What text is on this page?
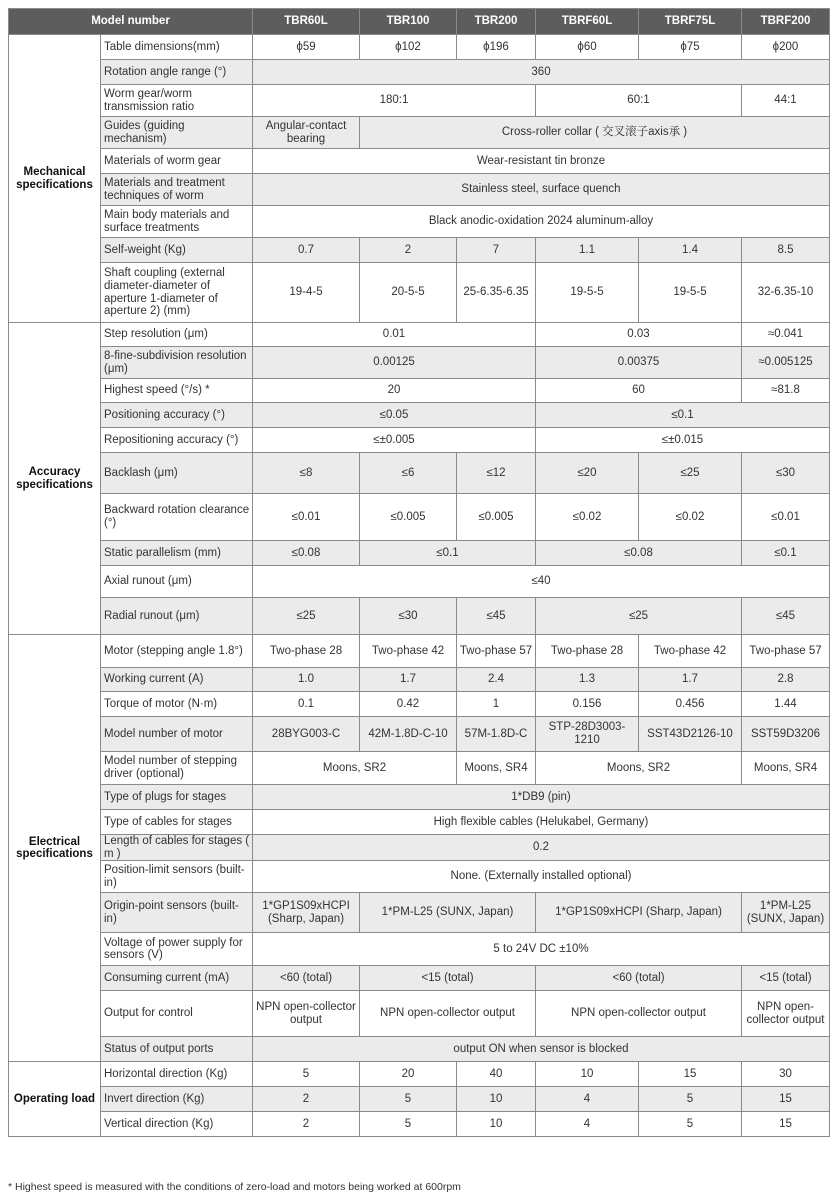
Model number		TBR60L	TBR100	TBR200	TBRF60L	TBRF75L	TBRF200
Mechanical specifications	Table dimensions(mm)	ϕ59	ϕ102	ϕ196	ϕ60	ϕ75	ϕ200
	Rotation angle range (°)	360					
	Worm gear/worm transmission ratio	180:1			60:1		44:1
	Guides (guiding mechanism)	Angular-contact bearing	Cross-roller collar ( 交叉滚子axis承 )				
	Materials of worm gear	Wear-resistant tin bronze					
	Materials and treatment techniques of worm	Stainless steel, surface quench					
	Main body materials and surface treatments	Black anodic-oxidation 2024 aluminum-alloy					
	Self-weight (Kg)	0.7	2	7	1.1	1.4	8.5
	Shaft coupling (external diameter-diameter of aperture 1-diameter of aperture 2) (mm)	19-4-5	20-5-5	25-6.35-6.35	19-5-5	19-5-5	32-6.35-10
Accuracy specifications	Step resolution (μm)	0.01			0.03		≈0.041
	8-fine-subdivision resolution (μm)	0.00125			0.00375		≈0.005125
	Highest speed (°/s) *	20			60		≈81.8
	Positioning accuracy (°)	≤0.05			≤0.1		
	Repositioning accuracy (°)	≤±0.005			≤±0.015		
	Backlash (μm)	≤8	≤6	≤12	≤20	≤25	≤30
	Backward rotation clearance (°)	≤0.01	≤0.005	≤0.005	≤0.02	≤0.02	≤0.01
	Static parallelism (mm)	≤0.08	≤0.1		≤0.08		≤0.1
	Axial runout (μm)	≤40					
	Radial runout (μm)	≤25	≤30	≤45	≤25		≤45
Electrical specifications	Motor (stepping angle 1.8°)	Two-phase 28	Two-phase 42	Two-phase 57	Two-phase 28	Two-phase 42	Two-phase 57
	Working current (A)	1.0	1.7	2.4	1.3	1.7	2.8
	Torque of motor (N·m)	0.1	0.42	1	0.156	0.456	1.44
	Model number of motor	28BYG003-C	42M-1.8D-C-10	57M-1.8D-C	STP-28D3003-1210	SST43D2126-10	SST59D3206
	Model number of stepping driver (optional)	Moons, SR2		Moons, SR4	Moons, SR2		Moons, SR4
	Type of plugs for stages	1*DB9 (pin)					
	Type of cables for stages	High flexible cables (Helukabel, Germany)					
	Length of cables for stages ( m )	0.2					
	Position-limit sensors (built-in)	None. (Externally installed optional)					
	Origin-point sensors (built-in)	1*GP1S09xHCPI (Sharp, Japan)	1*PM-L25 (SUNX, Japan)		1*GP1S09xHCPI (Sharp, Japan)		1*PM-L25 (SUNX, Japan)
	Voltage of power supply for sensors (V)	5 to 24V DC ±10%					
	Consuming current (mA)	<60 (total)	<15 (total)		<60 (total)		<15 (total)
	Output for control	NPN open-collector output	NPN open-collector output		NPN open-collector output		NPN open-collector output
	Status of output ports	output ON when sensor is blocked					
Operating load	Horizontal direction (Kg)	5	20	40	10	15	30
	Invert direction (Kg)	2	5	10	4	5	15
	Vertical direction (Kg)	2	5	10	4	5	15
* Highest speed is measured with the conditions of zero-load and motors being worked at 600rpm
